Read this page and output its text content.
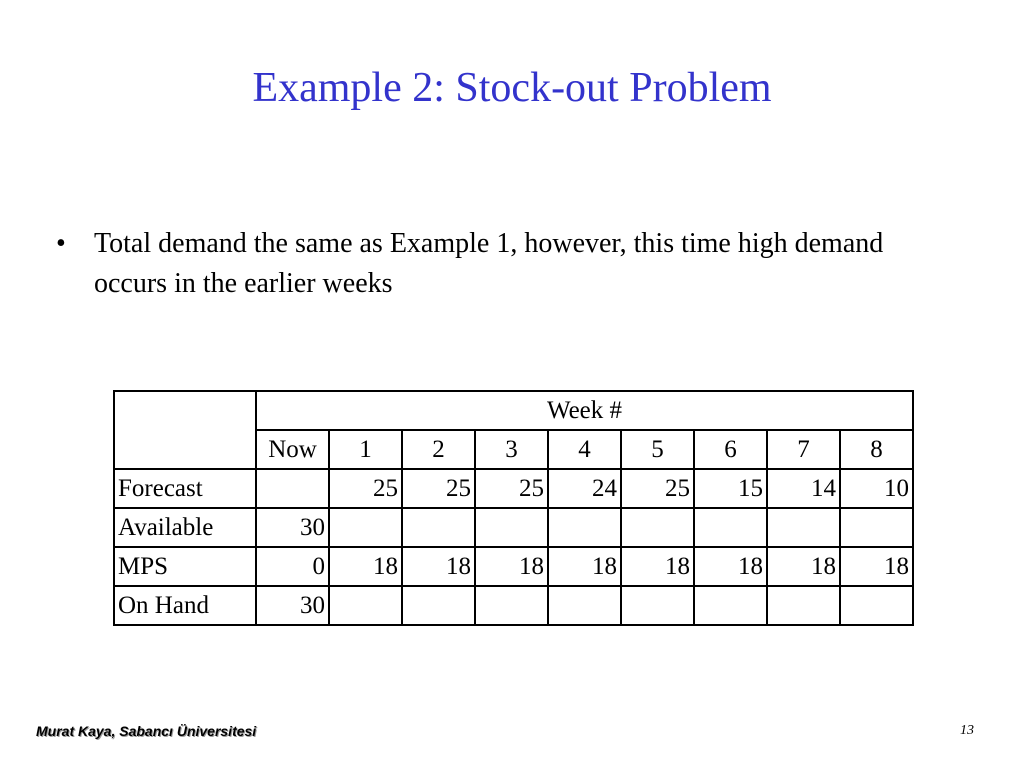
Example 2: Stock-out Problem
•	Total demand the same as Example 1, however, this time high demand occurs in the earlier weeks
	Week #								
	Now	1	2	3	4	5	6	7	8
Forecast		25	25	25	24	25	15	14	10
Available	30								
MPS	0	18	18	18	18	18	18	18	18
On Hand	30								
Murat Kaya, Sabancı Üniversitesi	13
